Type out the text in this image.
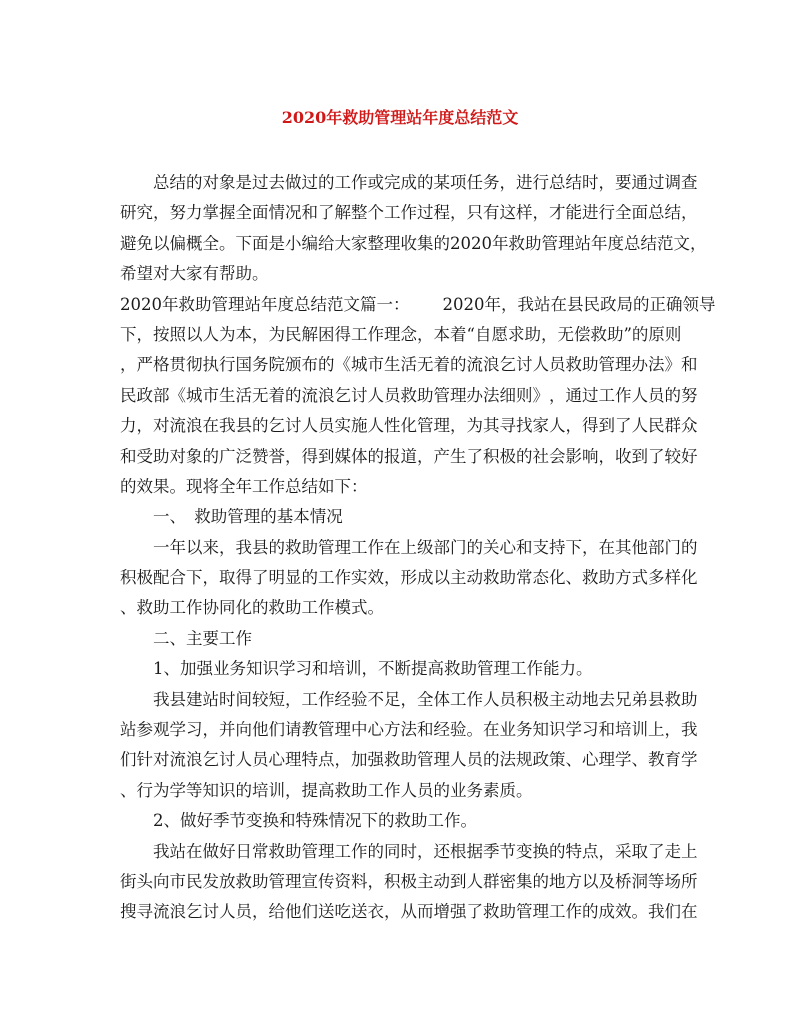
2020年救助管理站年度总结范文
总 结 的 对 象 是 过 去 做 过 的 工 作 或 完 成 的 某 项 任 务 ， 进 行 总 结 时 ， 要 通 过 调 查
研 究 ， 努 力 掌 握 全 面 情 况 和 了 解 整 个 工 作 过 程 ， 只 有 这 样 ， 才 能 进 行 全 面 总 结 ，
避 免 以 偏 概 全 。 下 面 是 小 编 给 大 家 整 理 收 集 的 2020 年 救 助 管 理 站 年 度 总 结 范 文 ，
希望对大家有帮助。
2020 年 救 助 管 理 站 年 度 总 结 范 文 篇 一 ：
　　 2020 年 ， 我 站 在 县 民 政 局 的 正 确 领 导
下 ， 按 照 以 人 为 本 ， 为 民 解 困 得 工 作 理 念 ， 本 着 “ 自 愿 求 助 ， 无 偿 救 助 ” 的 原 则
， 严 格 贯 彻 执 行 国 务 院 颁 布 的 《 城 市 生 活 无 着 的 流 浪 乞 讨 人 员 救 助 管 理 办 法 》 和
民 政 部 《 城 市 生 活 无 着 的 流 浪 乞 讨 人 员 救 助 管 理 办 法 细 则 》 ， 通 过 工 作 人 员 的 努
力 ， 对 流 浪 在 我 县 的 乞 讨 人 员 实 施 人 性 化 管 理 ， 为 其 寻 找 家 人 ， 得 到 了 人 民 群 众
和 受 助 对 象 的 广 泛 赞 誉 ， 得 到 媒 体 的 报 道 ， 产 生 了 积 极 的 社 会 影 响 ， 收 到 了 较 好
的效果。现将全年工作总结如下：
一、　救助管理的基本情况
一 年 以 来 ， 我 县 的 救 助 管 理 工 作 在 上 级 部 门 的 关 心 和 支 持 下 ， 在 其 他 部 门 的
积 极 配 合 下 ， 取 得 了 明 显 的 工 作 实 效 ， 形 成 以 主 动 救 助 常 态 化 、 救 助 方 式 多 样 化
、救助工作协同化的救助工作模式。
二、主要工作
1、加强业务知识学习和培训，不断提高救助管理工作能力。
我 县 建 站 时 间 较 短 ， 工 作 经 验 不 足 ， 全 体 工 作 人 员 积 极 主 动 地 去 兄 弟 县 救 助
站 参 观 学 习 ， 并 向 他 们 请 教 管 理 中 心 方 法 和 经 验 。 在 业 务 知 识 学 习 和 培 训 上 ， 我
们 针 对 流 浪 乞 讨 人 员 心 理 特 点 ， 加 强 救 助 管 理 人 员 的 法 规 政 策 、 心 理 学 、 教 育 学
、行为学等知识的培训，提高救助工作人员的业务素质。
2、做好季节变换和特殊情况下的救助工作。
我 站 在 做 好 日 常 救 助 管 理 工 作 的 同 时 ， 还 根 据 季 节 变 换 的 特 点 ， 采 取 了 走 上
街 头 向 市 民 发 放 救 助 管 理 宣 传 资 料 ， 积 极 主 动 到 人 群 密 集 的 地 方 以 及 桥 洞 等 场 所
搜 寻 流 浪 乞 讨 人 员 ， 给 他 们 送 吃 送 衣 ， 从 而 增 强 了 救 助 管 理 工 作 的 成 效 。 我 们 在
